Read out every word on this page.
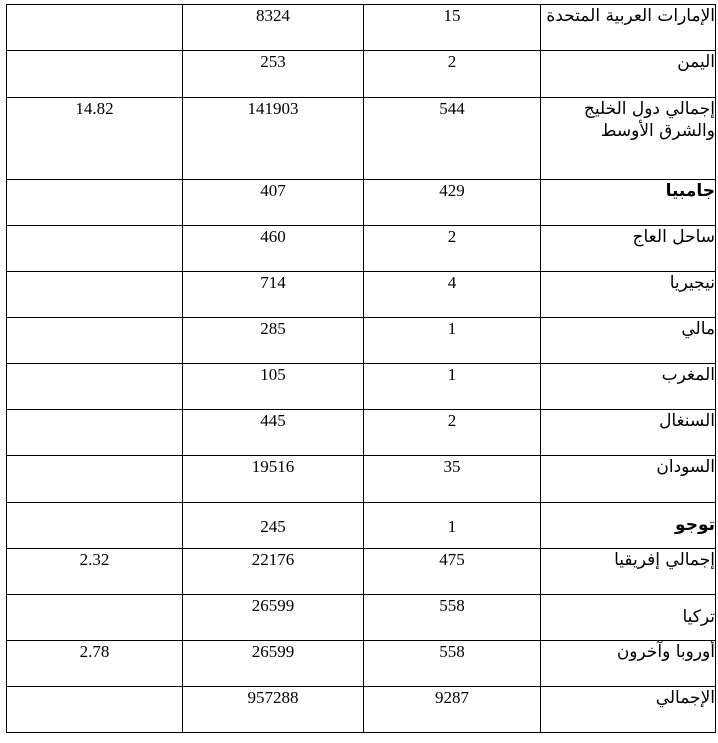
	8324	15	الإمارات العربية المتحدة
	253	2	اليمن
14.82	141903	544	إجمالي دول الخليج والشرق الأوسط
	407	429	جامبيا
	460	2	ساحل العاج
	714	4	نيجيريا
	285	1	مالي
	105	1	المغرب
	445	2	السنغال
	19516	35	السودان
	245	1	توجو
2.32	22176	475	إجمالي إفريقيا
	26599	558	تركيا
2.78	26599	558	أوروبا وآخرون
	957288	9287	الإجمالي
